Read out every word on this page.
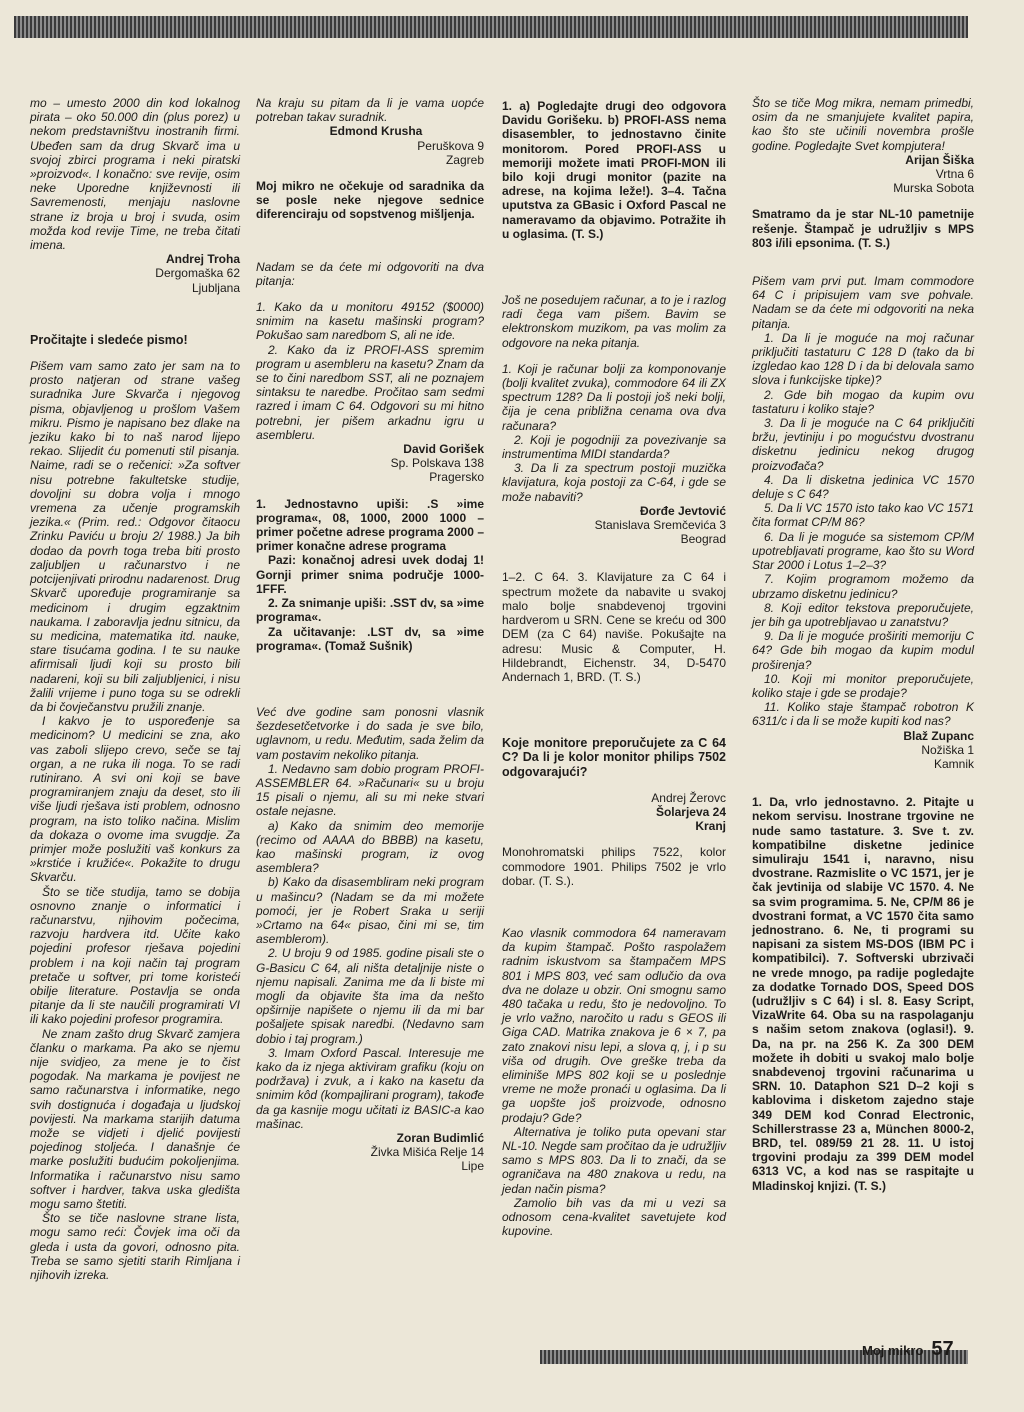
mo – umesto 2000 din kod lokalnog pirata – oko 50.000 din (plus porez) u nekom predstavništvu inostranih firmi. Ubeđen sam da drug Skvarč ima u svojoj zbirci programa i neki piratski »proizvod«. I konačno: sve revije, osim neke Uporedne književnosti ili Savremenosti, menjaju naslovne strane iz broja u broj i svuda, osim možda kod revije Time, ne treba čitati imena.

Andrej Troha

Dergomaška 62

Ljubljana

Pročitajte i sledeće pismo!

Pišem vam samo zato jer sam na to prosto natjeran od strane vašeg suradnika Jure Skvarča i njegovog pisma, objavljenog u prošlom Vašem mikru. Pismo je napisano bez dlake na jeziku kako bi to naš narod lijepo rekao. Slijedit ću pomenuti stil pisanja. Naime, radi se o rečenici: »Za softver nisu potrebne fakultetske studije, dovoljni su dobra volja i mnogo vremena za učenje programskih jezika.« (Prim. red.: Odgovor čitaocu Zrinku Paviću u broju 2/ 1988.) Ja bih dodao da povrh toga treba biti prosto zaljubljen u računarstvo i ne potcijenjivati prirodnu nadarenost. Drug Skvarč upoređuje programiranje sa medicinom i drugim egzaktnim naukama. I zaboravlja jednu sitnicu, da su medicina, matematika itd. nauke, stare tisućama godina. I te su nauke afirmisali ljudi koji su prosto bili nadareni, koji su bili zaljubljenici, i nisu žalili vrijeme i puno toga su se odrekli da bi čovječanstvu pružili znanje.

I kakvo je to uspoređenje sa medicinom? U medicini se zna, ako vas zaboli slijepo crevo, seče se taj organ, a ne ruka ili noga. To se radi rutinirano. A svi oni koji se bave programiranjem znaju da deset, sto ili više ljudi rješava isti problem, odnosno program, na isto toliko načina. Mislim da dokaza o ovome ima svugdje. Za primjer može poslužiti vaš konkurs za »krstiće i kružiće«. Pokažite to drugu Skvarču.

Što se tiče studija, tamo se dobija osnovno znanje o informatici i računarstvu, njihovim počecima, razvoju hardvera itd. Učite kako pojedini profesor rješava pojedini problem i na koji način taj program pretače u softver, pri tome koristeći obilje literature. Postavlja se onda pitanje da li ste naučili programirati VI ili kako pojedini profesor programira.

Ne znam zašto drug Skvarč zamjera članku o markama. Pa ako se njemu nije svidjeo, za mene je to čist pogodak. Na markama je povijest ne samo računarstva i informatike, nego svih dostignuća i događaja u ljudskoj povijesti. Na markama starijih datuma može se vidjeti i djelić povijesti pojedinog stoljeća. I današnje će marke poslužiti budućim pokoljenjima. Informatika i računarstvo nisu samo softver i hardver, takva uska gledišta mogu samo štetiti.

Što se tiče naslovne strane lista, mogu samo reći: Čovjek ima oči da gleda i usta da govori, odnosno pita. Treba se samo sjetiti starih Rimljana i njihovih izreka.

Na kraju su pitam da li je vama uopće potreban takav suradnik.

Edmond Krusha

Peruškova 9

Zagreb

Moj mikro ne očekuje od saradnika da se posle neke njegove sednice diferenciraju od sopstvenog mišljenja.

Nadam se da ćete mi odgovoriti na dva pitanja:

1. Kako da u monitoru 49152 ($0000) snimim na kasetu mašinski program? Pokušao sam naredbom S, ali ne ide.

2. Kako da iz PROFI-ASS spremim program u asembleru na kasetu? Znam da se to čini naredbom SST, ali ne poznajem sintaksu te naredbe. Pročitao sam sedmi razred i imam C 64. Odgovori su mi hitno potrebni, jer pišem arkadnu igru u asembleru.

David Gorišek

Sp. Polskava 138

Pragersko

1. Jednostavno upiši: .S »ime programa«, 08, 1000, 2000 1000 – primer početne adrese programa 2000 – primer konačne adrese programa

Pazi: konačnoj adresi uvek dodaj 1! Gornji primer snima područje 1000-1FFF.

2. Za snimanje upiši: .SST dv, sa »ime programa«.

Za učitavanje: .LST dv, sa »ime programa«. (Tomaž Sušnik)

Već dve godine sam ponosni vlasnik šezdesetčetvorke i do sada je sve bilo, uglavnom, u redu. Međutim, sada želim da vam postavim nekoliko pitanja.

1. Nedavno sam dobio program PROFI-ASSEMBLER 64. »Računari« su u broju 15 pisali o njemu, ali su mi neke stvari ostale nejasne.

a) Kako da snimim deo memorije (recimo od AAAA do BBBB) na kasetu, kao mašinski program, iz ovog asemblera?

b) Kako da disasembliram neki program u mašincu? (Nadam se da mi možete pomoći, jer je Robert Sraka u seriji »Crtamo na 64« pisao, čini mi se, tim asemblerom).

2. U broju 9 od 1985. godine pisali ste o G-Basicu C 64, ali ništa detaljnije niste o njemu napisali. Zanima me da li biste mi mogli da objavite šta ima da nešto opširnije napišete o njemu ili da mi bar pošaljete spisak naredbi. (Nedavno sam dobio i taj program.)

3. Imam Oxford Pascal. Interesuje me kako da iz njega aktiviram grafiku (koju on podržava) i zvuk, a i kako na kasetu da snimim kôd (kompajlirani program), takođe da ga kasnije mogu učitati iz BASIC-a kao mašinac.

Zoran Budimlić

Živka Mišića Relje 14

Lipe

1. a) Pogledajte drugi deo odgovora Davidu Gorišeku. b) PROFI-ASS nema disasembler, to jednostavno činite monitorom. Pored PROFI-ASS u memoriji možete imati PROFI-MON ili bilo koji drugi monitor (pazite na adrese, na kojima leže!). 3–4. Tačna uputstva za GBasic i Oxford Pascal ne nameravamo da objavimo. Potražite ih u oglasima. (T. S.)

Još ne posedujem računar, a to je i razlog radi čega vam pišem. Bavim se elektronskom muzikom, pa vas molim za odgovore na neka pitanja.

1. Koji je računar bolji za komponovanje (bolji kvalitet zvuka), commodore 64 ili ZX spectrum 128? Da li postoji još neki bolji, čija je cena približna cenama ova dva računara?

2. Koji je pogodniji za povezivanje sa instrumentima MIDI standarda?

3. Da li za spectrum postoji muzička klavijatura, koja postoji za C-64, i gde se može nabaviti?

Đorđe Jevtović

Stanislava Sremčevića 3

Beograd

1–2. C 64. 3. Klavijature za C 64 i spectrum možete da nabavite u svakoj malo bolje snabdevenoj trgovini hardverom u SRN. Cene se kreću od 300 DEM (za C 64) naviše. Pokušajte na adresu: Music & Computer, H. Hildebrandt, Eichenstr. 34, D-5470 Andernach 1, BRD. (T. S.)

Koje monitore preporučujete za C 64 C? Da li je kolor monitor philips 7502 odgovarajući?

Andrej Žerovc

Šolarjeva 24

Kranj

Monohromatski philips 7522, kolor commodore 1901. Philips 7502 je vrlo dobar. (T. S.).

Kao vlasnik commodora 64 nameravam da kupim štampač. Pošto raspolažem radnim iskustvom sa štampačem MPS 801 i MPS 803, već sam odlučio da ova dva ne dolaze u obzir. Oni smognu samo 480 tačaka u redu, što je nedovoljno. To je vrlo važno, naročito u radu s GEOS ili Giga CAD. Matrika znakova je 6 × 7, pa zato znakovi nisu lepi, a slova q, j, i p su viša od drugih. Ove greške treba da eliminiše MPS 802 koji se u poslednje vreme ne može pronaći u oglasima. Da li ga uopšte još proizvode, odnosno prodaju? Gde?

Alternativa je toliko puta opevani star NL-10. Negde sam pročitao da je udružljiv samo s MPS 803. Da li to znači, da se ograničava na 480 znakova u redu, na jedan način pisma?

Zamolio bih vas da mi u vezi sa odnosom cena-kvalitet savetujete kod kupovine.

Što se tiče Mog mikra, nemam primedbi, osim da ne smanjujete kvalitet papira, kao što ste učinili novembra prošle godine. Pogledajte Svet kompjutera!

Arijan Šiška

Vrtna 6

Murska Sobota

Smatramo da je star NL-10 pametnije rešenje. Štampač je udružljiv s MPS 803 i/ili epsonima. (T. S.)

Pišem vam prvi put. Imam commodore 64 C i pripisujem vam sve pohvale. Nadam se da ćete mi odgovoriti na neka pitanja.

1. Da li je moguće na moj računar priključiti tastaturu C 128 D (tako da bi izgledao kao 128 D i da bi delovala samo slova i funkcijske tipke)?

2. Gde bih mogao da kupim ovu tastaturu i koliko staje?

3. Da li je moguće na C 64 priključiti bržu, jevtiniju i po mogućstvu dvostranu disketnu jedinicu nekog drugog proizvođača?

4. Da li disketna jedinica VC 1570 deluje s C 64?

5. Da li VC 1570 isto tako kao VC 1571 čita format CP/M 86?

6. Da li je moguće sa sistemom CP/M upotrebljavati programe, kao što su Word Star 2000 i Lotus 1–2–3?

7. Kojim programom možemo da ubrzamo disketnu jedinicu?

8. Koji editor tekstova preporučujete, jer bih ga upotrebljavao u zanatstvu?

9. Da li je moguće proširiti memoriju C 64? Gde bih mogao da kupim modul proširenja?

10. Koji mi monitor preporučujete, koliko staje i gde se prodaje?

11. Koliko staje štampač robotron K 6311/c i da li se može kupiti kod nas?

Blaž Zupanc

Nožiška 1

Kamnik

1. Da, vrlo jednostavno. 2. Pitajte u nekom servisu. Inostrane trgovine ne nude samo tastature. 3. Sve t. zv. kompatibilne disketne jedinice simuliraju 1541 i, naravno, nisu dvostrane. Razmislite o VC 1571, jer je čak jevtinija od slabije VC 1570. 4. Ne sa svim programima. 5. Ne, CP/M 86 je dvostrani format, a VC 1570 čita samo jednostrano. 6. Ne, ti programi su napisani za sistem MS-DOS (IBM PC i kompatibilci). 7. Softverski ubrzivači ne vrede mnogo, pa radije pogledajte za dodatke Tornado DOS, Speed DOS (udružljiv s C 64) i sl. 8. Easy Script, VizaWrite 64. Oba su na raspolaganju s našim setom znakova (oglasi!). 9. Da, na pr. na 256 K. Za 300 DEM možete ih dobiti u svakoj malo bolje snabdevenoj trgovini računarima u SRN. 10. Dataphon S21 D–2 koji s kablovima i disketom zajedno staje 349 DEM kod Conrad Electronic, Schillerstrasse 23 a, München 8000-2, BRD, tel. 089/59 21 28. 11. U istoj trgovini prodaju za 399 DEM model 6313 VC, a kod nas se raspitajte u Mladinskoj knjizi. (T. S.)

Moj mikro 57
